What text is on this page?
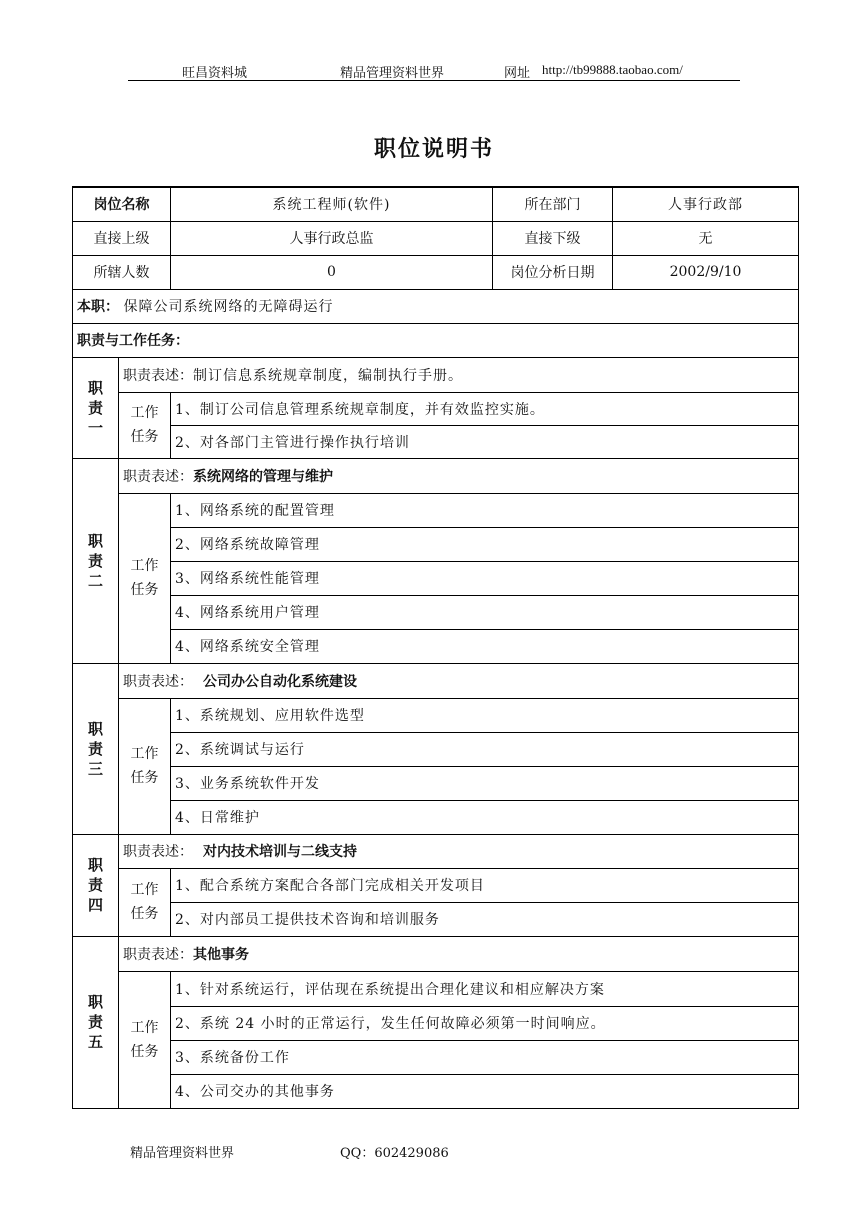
旺昌资料城	精品管理资料世界	网址 http://tb99888.taobao.com/
职位说明书
岗位名称		系统工程师(软件)	所在部门	人事行政部
直接上级		人事行政总监	直接下级	无
所辖人数		0	岗位分析日期	2002/9/10
本职： 保障公司系统网络的无障碍运行				
职责与工作任务：				
职
责
一	职责表述：制订信息系统规章制度，编制执行手册。			
	工作
任务	1、制订公司信息管理系统规章制度，并有效监控实施。		
		2、对各部门主管进行操作执行培训		
职
责
二	职责表述：系统网络的管理与维护			
	工作
任务	1、网络系统的配置管理		
		2、网络系统故障管理		
		3、网络系统性能管理		
		4、网络系统用户管理		
		4、网络系统安全管理		
职
责
三	职责表述： 公司办公自动化系统建设			
	工作
任务	1、系统规划、应用软件选型		
		2、系统调试与运行		
		3、业务系统软件开发		
		4、日常维护		
职
责
四	职责表述： 对内技术培训与二线支持			
	工作
任务	1、配合系统方案配合各部门完成相关开发项目		
		2、对内部员工提供技术咨询和培训服务		
职
责
五	职责表述：其他事务			
	工作
任务	1、针对系统运行，评估现在系统提出合理化建议和相应解决方案		
		2、系统 24 小时的正常运行，发生任何故障必须第一时间响应。		
		3、系统备份工作		
		4、公司交办的其他事务		
精品管理资料世界	QQ：602429086
